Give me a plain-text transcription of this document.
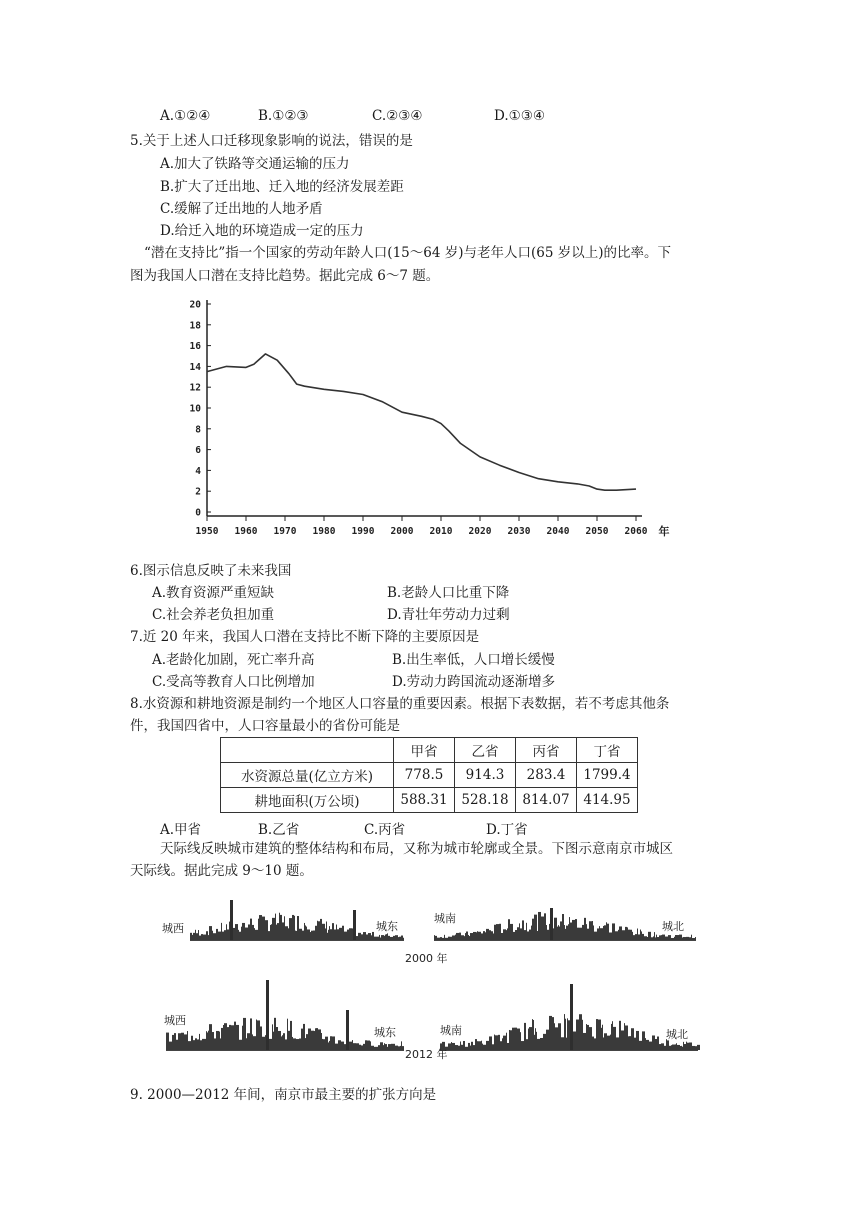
A.①②④	B.①②③	C.②③④	D.①③④
5.关于上述人口迁移现象影响的说法，错误的是
A.加大了铁路等交通运输的压力
B.扩大了迁出地、迁入地的经济发展差距
C.缓解了迁出地的人地矛盾
D.给迁入地的环境造成一定的压力
“潜在支持比”指一个国家的劳动年龄人口(15～64 岁)与老年人口(65 岁以上)的比率。下
图为我国人口潜在支持比趋势。据此完成 6～7 题。
0
2
4
6
8
10
12
14
16
18
20
1950 1960 1970 1980 1990 2000 2010 2020 2030 2040 2050 2060 年
6.图示信息反映了未来我国
A.教育资源严重短缺	B.老龄人口比重下降
C.社会养老负担加重	D.青壮年劳动力过剩
7.近 20 年来，我国人口潜在支持比不断下降的主要原因是
A.老龄化加剧，死亡率升高	B.出生率低，人口增长缓慢
C.受高等教育人口比例增加	D.劳动力跨国流动逐渐增多
8.水资源和耕地资源是制约一个地区人口容量的重要因素。根据下表数据，若不考虑其他条
件，我国四省中，人口容量最小的省份可能是
	甲省	乙省	丙省	丁省
水资源总量(亿立方米)	778.5	914.3	283.4	1799.4
耕地面积(万公顷)	588.31	528.18	814.07	414.95
A.甲省	B.乙省	C.丙省	D.丁省
天际线反映城市建筑的整体结构和布局，又称为城市轮廓或全景。下图示意南京市城区
天际线。据此完成 9～10 题。
城西	城东
城南
城北
2000 年
城西
城东	城南	城北
2012 年
9. 2000—2012 年间，南京市最主要的扩张方向是
